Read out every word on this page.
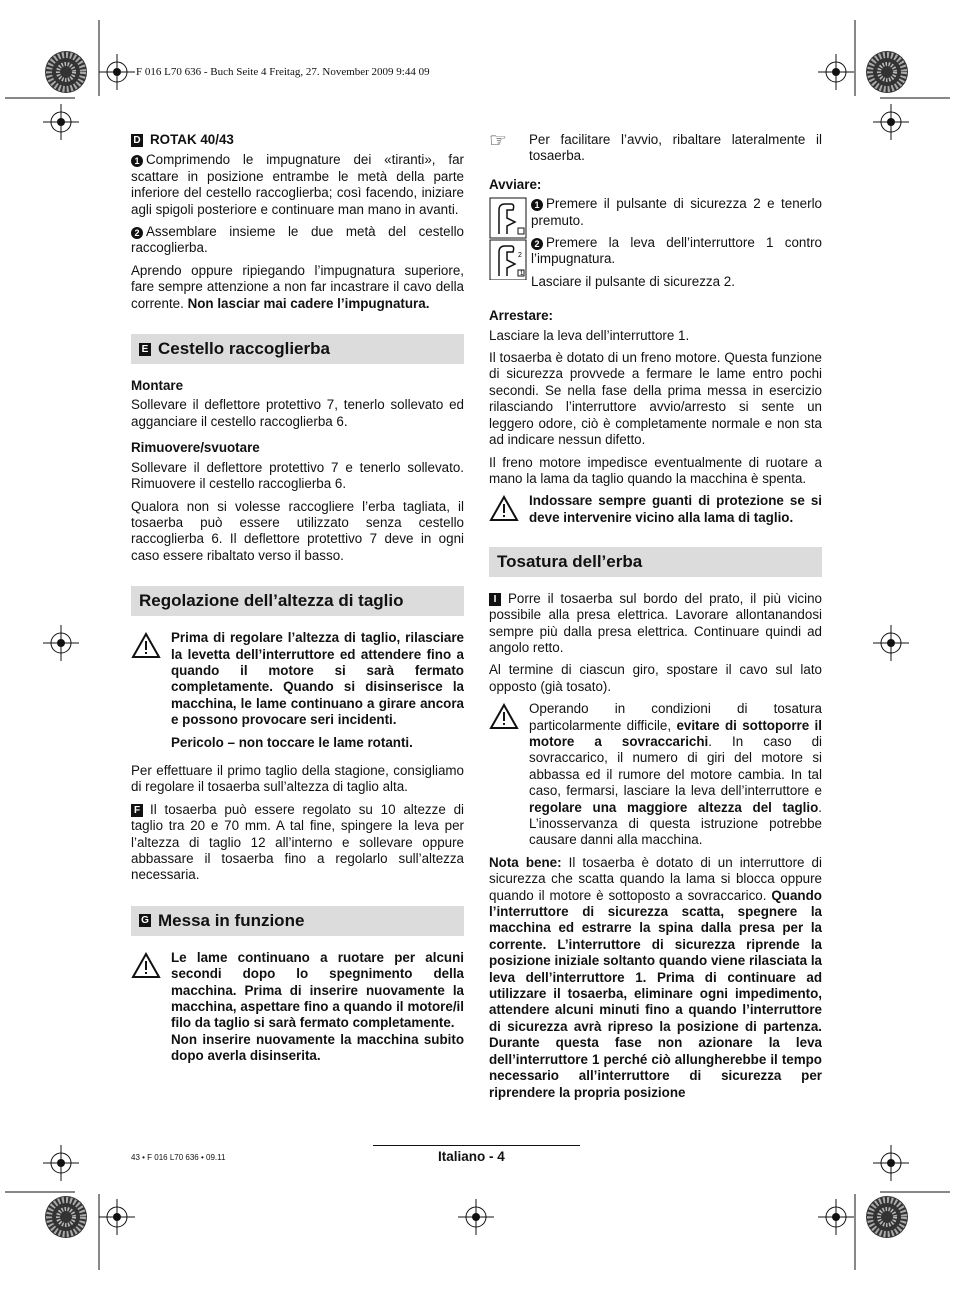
F 016 L70 636 - Buch Seite 4 Freitag, 27. November 2009 9:44 09

D ROTAK 40/43

1 Comprimendo le impugnature dei «tiranti», far scattare in posizione entrambe le metà della parte inferiore del cestello raccoglierba; così facendo, iniziare agli spigoli posteriore e continuare man mano in avanti.

2 Assemblare insieme le due metà del cestello raccoglierba.

Aprendo oppure ripiegando l’impugnatura superiore, fare sempre attenzione a non far incastrare il cavo della corrente. Non lasciar mai cadere l’impugnatura.

E Cestello raccoglierba

Montare

Sollevare il deflettore protettivo 7, tenerlo sollevato ed agganciare il cestello raccoglierba 6.

Rimuovere/svuotare

Sollevare il deflettore protettivo 7 e tenerlo sollevato. Rimuovere il cestello raccoglierba 6.

Qualora non si volesse raccogliere l’erba tagliata, il tosaerba può essere utilizzato senza cestello raccoglierba 6. Il deflettore protettivo 7 deve in ogni caso essere ribaltato verso il basso.

Regolazione dell’altezza di taglio

Prima di regolare l’altezza di taglio, rilasciare la levetta dell’interruttore ed attendere fino a quando il motore si sarà fermato completamente. Quando si disinserisce la macchina, le lame continuano a girare ancora e possono provocare seri incidenti.

Pericolo – non toccare le lame rotanti.

Per effettuare il primo taglio della stagione, consigliamo di regolare il tosaerba sull’altezza di taglio alta.

F Il tosaerba può essere regolato su 10 altezze di taglio tra 20 e 70 mm. A tal fine, spingere la leva per l’altezza di taglio 12 all’interno e sollevare oppure abbassare il tosaerba fino a regolarlo sull’altezza necessaria.

G Messa in funzione

Le lame continuano a ruotare per alcuni secondi dopo lo spegnimento della macchina. Prima di inserire nuovamente la macchina, aspettare fino a quando il motore/il filo da taglio si sarà fermato completamente.

Non inserire nuovamente la macchina subito dopo averla disinserita.

☞	Per facilitare l’avvio, ribaltare lateralmente il tosaerba.

Avviare:

2
1

1 Premere il pulsante di sicurezza 2 e tenerlo premuto.

2 Premere la leva dell’interruttore 1 contro l’impugnatura.

Lasciare il pulsante di sicurezza 2.

Arrestare:

Lasciare la leva dell’interruttore 1.

Il tosaerba è dotato di un freno motore. Questa funzione di sicurezza provvede a fermare le lame entro pochi secondi. Se nella fase della prima messa in esercizio rilasciando l’interruttore avvio/arresto si sente un leggero odore, ciò è completamente normale e non sta ad indicare nessun difetto.

Il freno motore impedisce eventualmente di ruotare a mano la lama da taglio quando la macchina è spenta.

Indossare sempre guanti di protezione se si deve intervenire vicino alla lama di taglio.
Tosatura dell’erba

I Porre il tosaerba sul bordo del prato, il più vicino possibile alla presa elettrica. Lavorare allontanandosi sempre più dalla presa elettrica. Continuare quindi ad angolo retto.

Al termine di ciascun giro, spostare il cavo sul lato opposto (già tosato).

Operando in condizioni di tosatura particolarmente difficile, evitare di sottoporre il motore a sovraccarichi. In caso di sovraccarico, il numero di giri del motore si abbassa ed il rumore del motore cambia. In tal caso, fermarsi, lasciare la leva dell’interruttore e regolare una maggiore altezza del taglio. L’inosservanza di questa istruzione potrebbe causare danni alla macchina.

Nota bene: Il tosaerba è dotato di un interruttore di sicurezza che scatta quando la lama si blocca oppure quando il motore è sottoposto a sovraccarico. Quando l’interruttore di sicurezza scatta, spegnere la macchina ed estrarre la spina dalla presa per la corrente. L’interruttore di sicurezza riprende la posizione iniziale soltanto quando viene rilasciata la leva dell’interruttore 1. Prima di continuare ad utilizzare il tosaerba, eliminare ogni impedimento, attendere alcuni minuti fino a quando l’interruttore di sicurezza avrà ripreso la posizione di partenza. Durante questa fase non azionare la leva dell’interruttore 1 perché ciò allungherebbe il tempo necessario all’interruttore di sicurezza per riprendere la propria posizione

43 • F 016 L70 636 • 09.11	Italiano - 4
